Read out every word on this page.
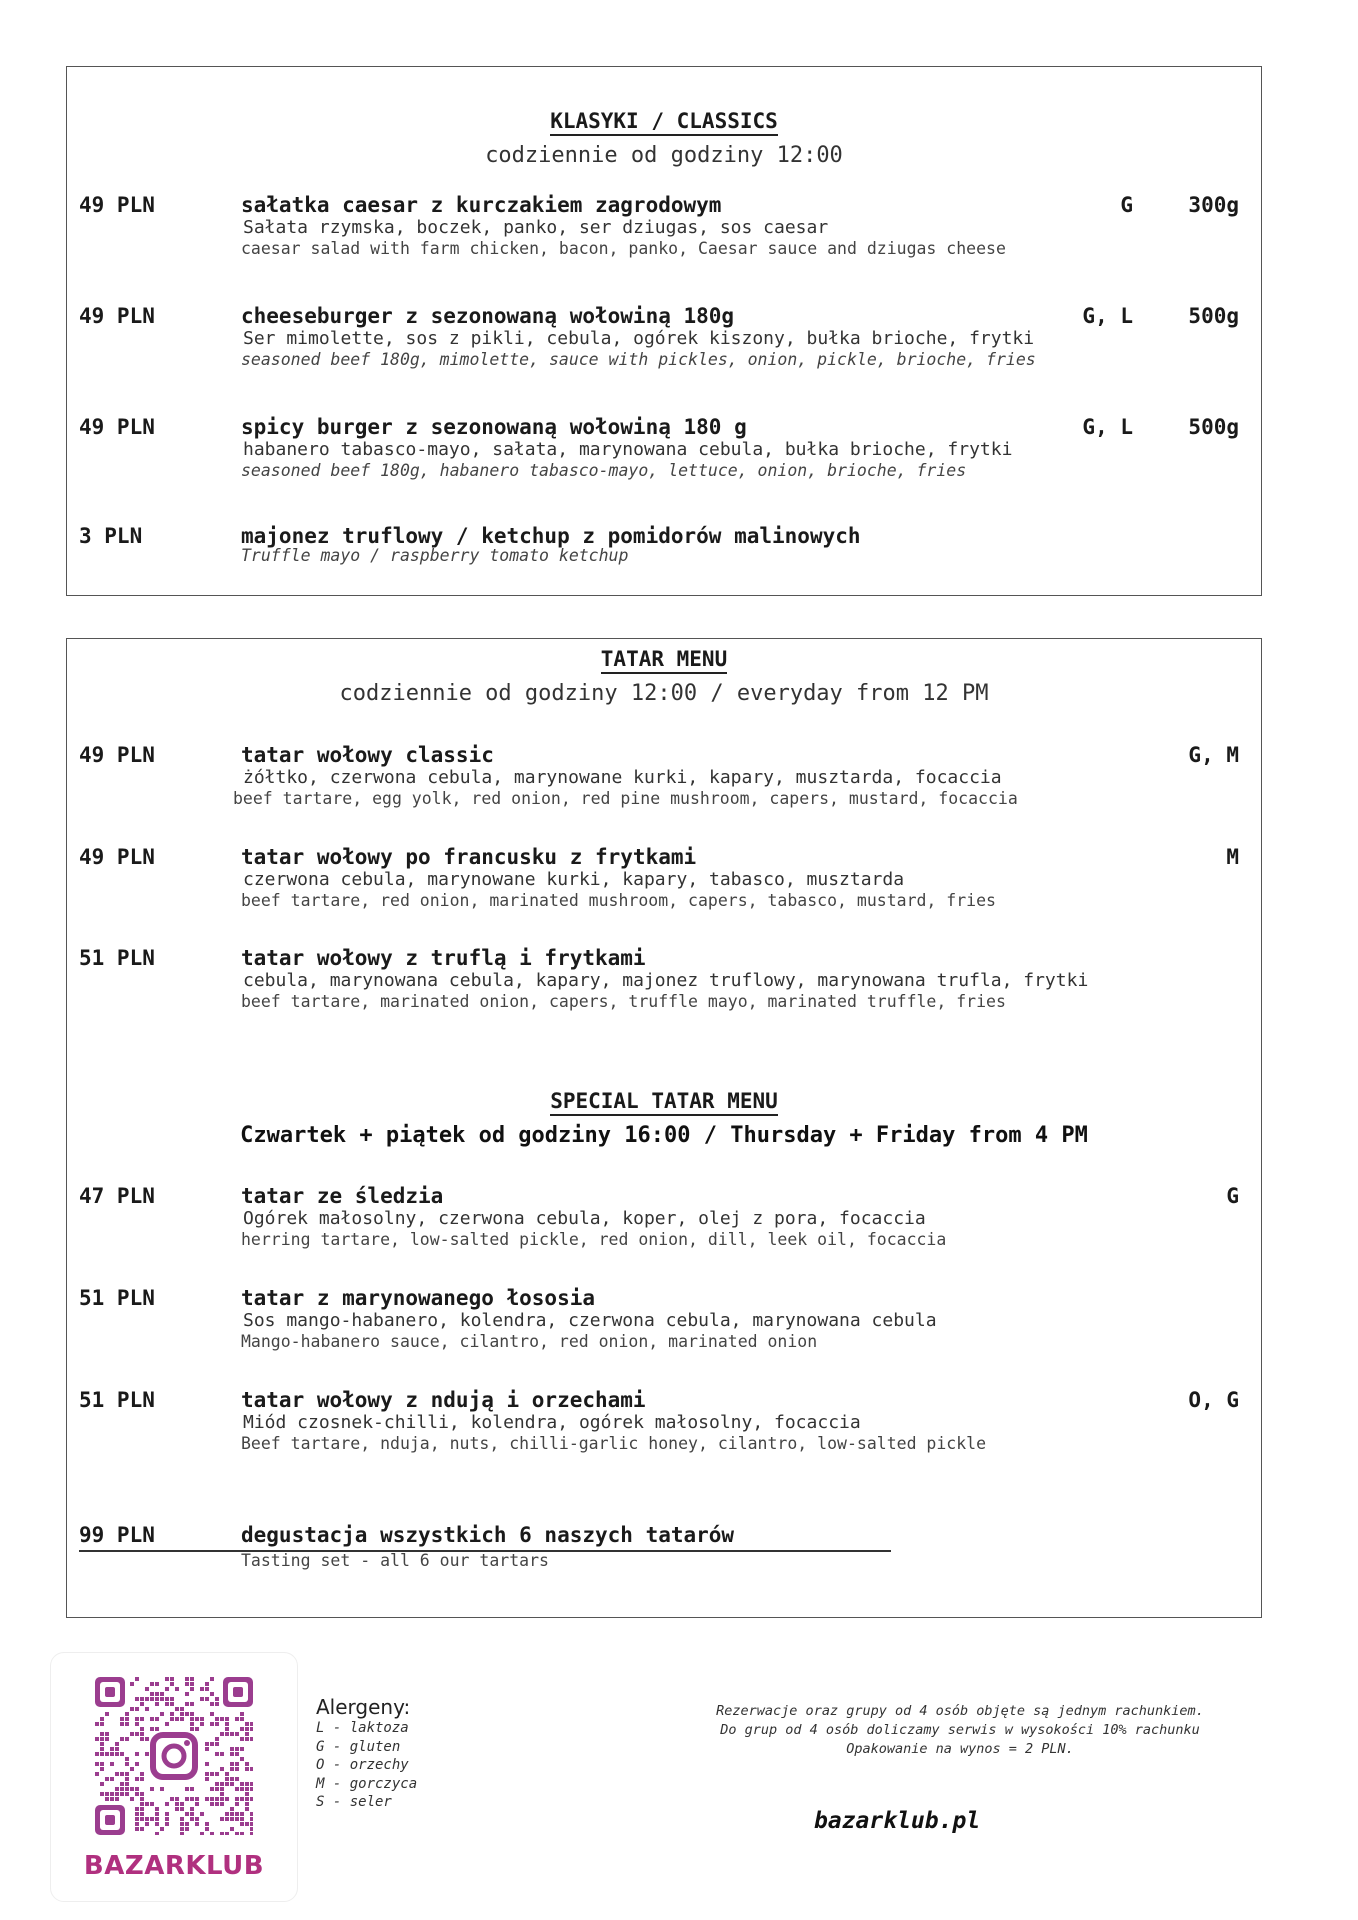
KLASYKI / CLASSICS
codziennie od godziny 12:00
49 PLN	sałatka caesar z kurczakiem zagrodowym	G	300g
Sałata rzymska, boczek, panko, ser dziugas, sos caesar
caesar salad with farm chicken, bacon, panko, Caesar sauce and dziugas cheese
49 PLN	cheeseburger z sezonowaną wołowiną 180g	G, L	500g
Ser mimolette, sos z pikli, cebula, ogórek kiszony, bułka brioche, frytki
seasoned beef 180g, mimolette, sauce with pickles, onion, pickle, brioche, fries
49 PLN	spicy burger z sezonowaną wołowiną 180 g	G, L	500g
habanero tabasco-mayo, sałata, marynowana cebula, bułka brioche, frytki
seasoned beef 180g, habanero tabasco-mayo, lettuce, onion, brioche, fries
3 PLN	majonez truflowy / ketchup z pomidorów malinowych
Truffle mayo / raspberry tomato ketchup
TATAR MENU
codziennie od godziny 12:00 / everyday from 12 PM
49 PLN	tatar wołowy classic	G, M
żółtko, czerwona cebula, marynowane kurki, kapary, musztarda, focaccia
beef tartare, egg yolk, red onion, red pine mushroom, capers, mustard, focaccia
49 PLN	tatar wołowy po francusku z frytkami	M
czerwona cebula, marynowane kurki, kapary, tabasco, musztarda
beef tartare, red onion, marinated mushroom, capers, tabasco, mustard, fries
51 PLN	tatar wołowy z truflą i frytkami
cebula, marynowana cebula, kapary, majonez truflowy, marynowana trufla, frytki
beef tartare, marinated onion, capers, truffle mayo, marinated truffle, fries
SPECIAL TATAR MENU
Czwartek + piątek od godziny 16:00 / Thursday + Friday from 4 PM
47 PLN	tatar ze śledzia	G
Ogórek małosolny, czerwona cebula, koper, olej z pora, focaccia
herring tartare, low-salted pickle, red onion, dill, leek oil, focaccia
51 PLN	tatar z marynowanego łososia
Sos mango-habanero, kolendra, czerwona cebula, marynowana cebula
Mango-habanero sauce, cilantro, red onion, marinated onion
51 PLN	tatar wołowy z ndują i orzechami	O, G
Miód czosnek-chilli, kolendra, ogórek małosolny, focaccia
Beef tartare, nduja, nuts, chilli-garlic honey, cilantro, low-salted pickle
99 PLN	degustacja wszystkich 6 naszych tatarów
Tasting set - all 6 our tartars
BAZARKLUB
Alergeny:
L - laktoza
G - gluten
O - orzechy
M - gorczyca
S - seler
Rezerwacje oraz grupy od 4 osób objęte są jednym rachunkiem.
Do grup od 4 osób doliczamy serwis w wysokości 10% rachunku
Opakowanie na wynos = 2 PLN.
bazarklub.pl
